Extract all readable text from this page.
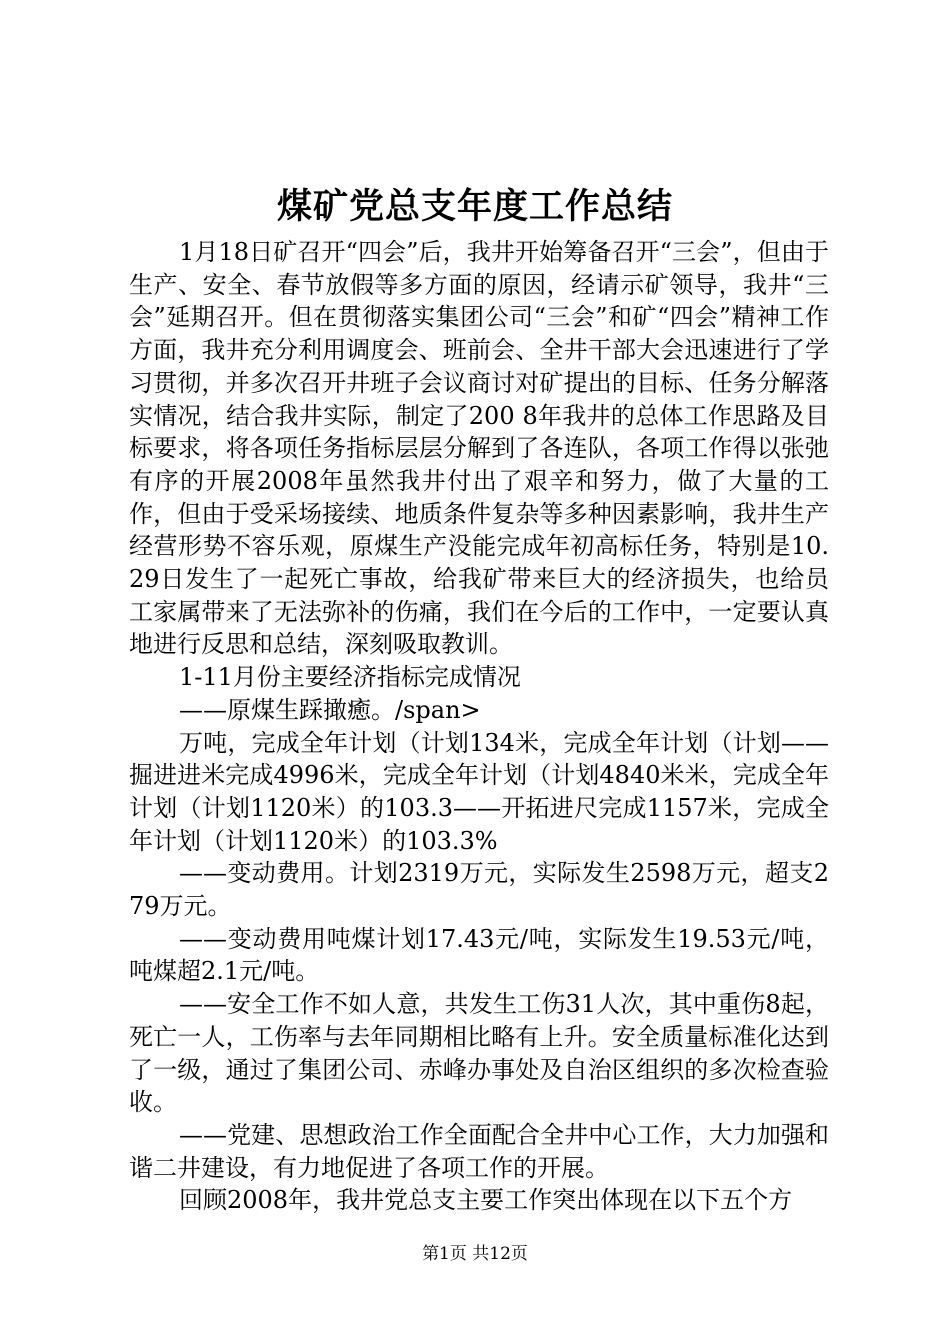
煤矿党总支年度工作总结

1月18日矿召开“四会”后，我井开始筹备召开“三会”，但由于生产、安全、春节放假等多方面的原因，经请示矿领导，我井“三会”延期召开。但在贯彻落实集团公司“三会”和矿“四会”精神工作方面，我井充分利用调度会、班前会、全井干部大会迅速进行了学习贯彻，并多次召开井班子会议商讨对矿提出的目标、任务分解落实情况，结合我井实际，制定了200 8年我井的总体工作思路及目标要求，将各项任务指标层层分解到了各连队，各项工作得以张弛有序的开展2008年虽然我井付出了艰辛和努力，做了大量的工作，但由于受采场接续、地质条件复杂等多种因素影响，我井生产经营形势不容乐观，原煤生产没能完成年初高标任务，特别是10.29日发生了一起死亡事故，给我矿带来巨大的经济损失，也给员工家属带来了无法弥补的伤痛，我们在今后的工作中，一定要认真地进行反思和总结，深刻吸取教训。

1-11月份主要经济指标完成情况

——原煤生踩撖癒。/span>

万吨，完成全年计划（计划134米，完成全年计划（计划——掘进进米完成4996米，完成全年计划（计划4840米米，完成全年计划（计划1120米）的103.3——开拓进尺完成1157米，完成全年计划（计划1120米）的103.3%

——变动费用。计划2319万元，实际发生2598万元，超支279万元。

——变动费用吨煤计划17.43元/吨，实际发生19.53元/吨，吨煤超2.1元/吨。

——安全工作不如人意，共发生工伤31人次，其中重伤8起，死亡一人，工伤率与去年同期相比略有上升。安全质量标准化达到了一级，通过了集团公司、赤峰办事处及自治区组织的多次检查验收。

——党建、思想政治工作全面配合全井中心工作，大力加强和谐二井建设，有力地促进了各项工作的开展。

回顾2008年，我井党总支主要工作突出体现在以下五个方

第1页 共12页
